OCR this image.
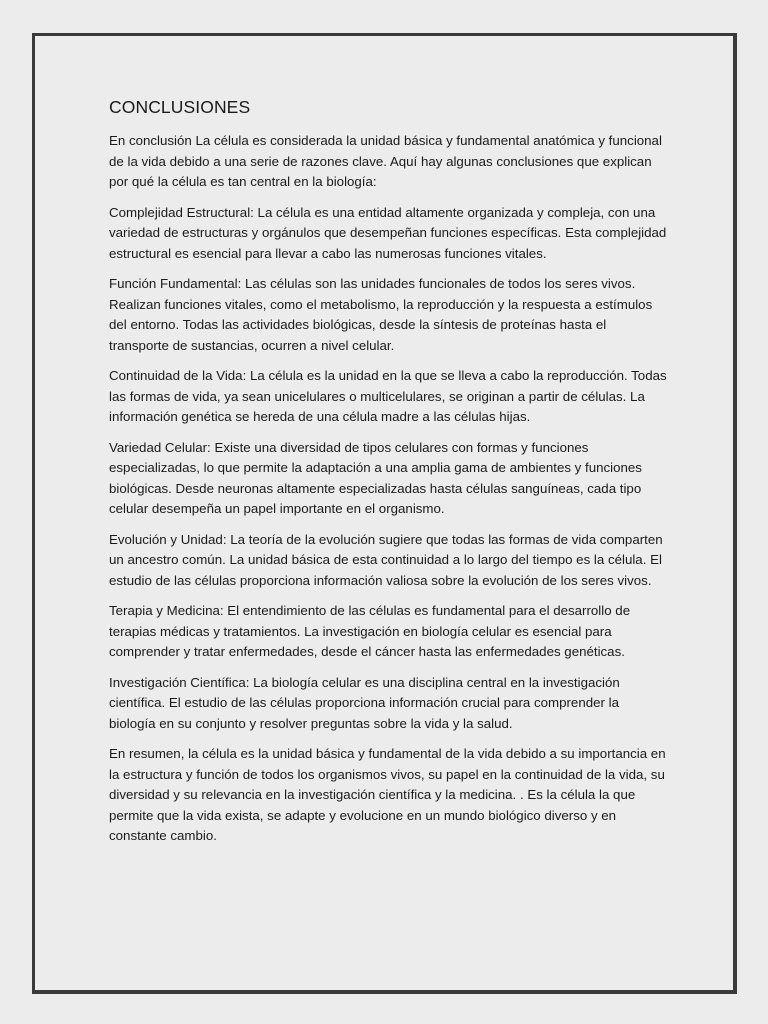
CONCLUSIONES

En conclusión La célula es considerada la unidad básica y fundamental anatómica y funcional de la vida debido a una serie de razones clave. Aquí hay algunas conclusiones que explican por qué la célula es tan central en la biología:

Complejidad Estructural: La célula es una entidad altamente organizada y compleja, con una variedad de estructuras y orgánulos que desempeñan funciones específicas. Esta complejidad estructural es esencial para llevar a cabo las numerosas funciones vitales.

Función Fundamental: Las células son las unidades funcionales de todos los seres vivos. Realizan funciones vitales, como el metabolismo, la reproducción y la respuesta a estímulos del entorno. Todas las actividades biológicas, desde la síntesis de proteínas hasta el transporte de sustancias, ocurren a nivel celular.

Continuidad de la Vida: La célula es la unidad en la que se lleva a cabo la reproducción. Todas las formas de vida, ya sean unicelulares o multicelulares, se originan a partir de células. La información genética se hereda de una célula madre a las células hijas.

Variedad Celular: Existe una diversidad de tipos celulares con formas y funciones especializadas, lo que permite la adaptación a una amplia gama de ambientes y funciones biológicas. Desde neuronas altamente especializadas hasta células sanguíneas, cada tipo celular desempeña un papel importante en el organismo.

Evolución y Unidad: La teoría de la evolución sugiere que todas las formas de vida comparten un ancestro común. La unidad básica de esta continuidad a lo largo del tiempo es la célula. El estudio de las células proporciona información valiosa sobre la evolución de los seres vivos.

Terapia y Medicina: El entendimiento de las células es fundamental para el desarrollo de terapias médicas y tratamientos. La investigación en biología celular es esencial para comprender y tratar enfermedades, desde el cáncer hasta las enfermedades genéticas.

Investigación Científica: La biología celular es una disciplina central en la investigación científica. El estudio de las células proporciona información crucial para comprender la biología en su conjunto y resolver preguntas sobre la vida y la salud.

En resumen, la célula es la unidad básica y fundamental de la vida debido a su importancia en la estructura y función de todos los organismos vivos, su papel en la continuidad de la vida, su diversidad y su relevancia en la investigación científica y la medicina. . Es la célula la que permite que la vida exista, se adapte y evolucione en un mundo biológico diverso y en constante cambio.
